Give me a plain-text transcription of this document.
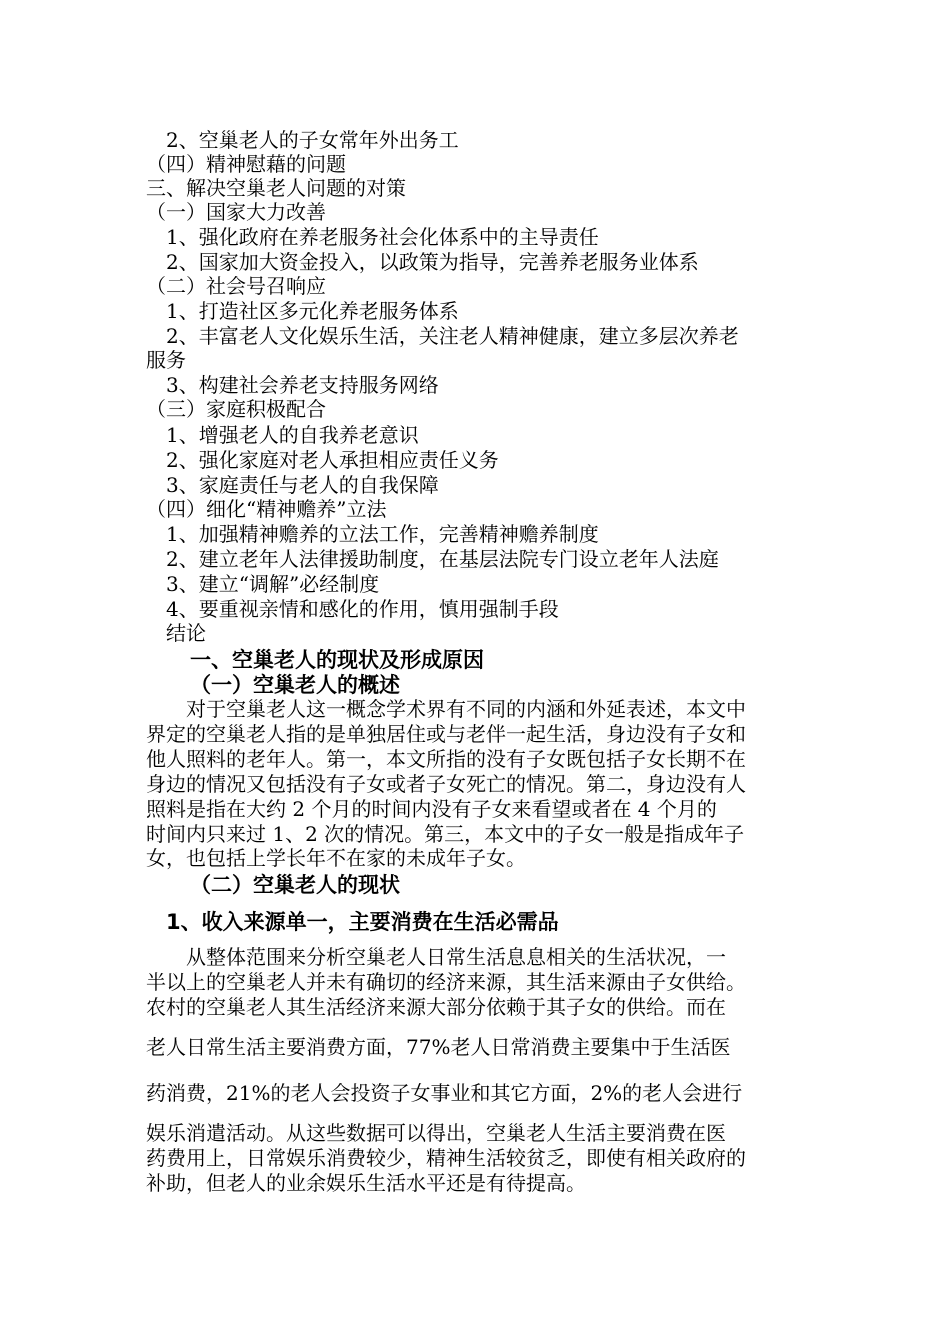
2、空巢老人的子女常年外出务工
（四）精神慰藉的问题
三、解决空巢老人问题的对策
（一）国家大力改善
1、强化政府在养老服务社会化体系中的主导责任
2、国家加大资金投入，以政策为指导，完善养老服务业体系
（二）社会号召响应
1、打造社区多元化养老服务体系
2、丰富老人文化娱乐生活，关注老人精神健康，建立多层次养老
服务
3、构建社会养老支持服务网络
（三）家庭积极配合
1、增强老人的自我养老意识
2、强化家庭对老人承担相应责任义务
3、家庭责任与老人的自我保障
（四）细化“精神赡养”立法
1、加强精神赡养的立法工作，完善精神赡养制度
2、建立老年人法律援助制度，在基层法院专门设立老年人法庭
3、建立“调解”必经制度
4、要重视亲情和感化的作用，慎用强制手段
结论
一、空巢老人的现状及形成原因
（一）空巢老人的概述
对于空巢老人这一概念学术界有不同的内涵和外延表述，本文中
界定的空巢老人指的是单独居住或与老伴一起生活，身边没有子女和
他人照料的老年人。第一，本文所指的没有子女既包括子女长期不在
身边的情况又包括没有子女或者子女死亡的情况。第二，身边没有人
照料是指在大约 2 个月的时间内没有子女来看望或者在 4 个月的
时间内只来过 1、2 次的情况。第三，本文中的子女一般是指成年子
女，也包括上学长年不在家的未成年子女。
（二）空巢老人的现状
1、收入来源单一，主要消费在生活必需品
从整体范围来分析空巢老人日常生活息息相关的生活状况，一
半以上的空巢老人并未有确切的经济来源，其生活来源由子女供给。
农村的空巢老人其生活经济来源大部分依赖于其子女的供给。而在
老人日常生活主要消费方面，77%老人日常消费主要集中于生活医
药消费，21%的老人会投资子女事业和其它方面，2%的老人会进行
娱乐消遣活动。从这些数据可以得出，空巢老人生活主要消费在医
药费用上，日常娱乐消费较少，精神生活较贫乏，即使有相关政府的
补助，但老人的业余娱乐生活水平还是有待提高。
